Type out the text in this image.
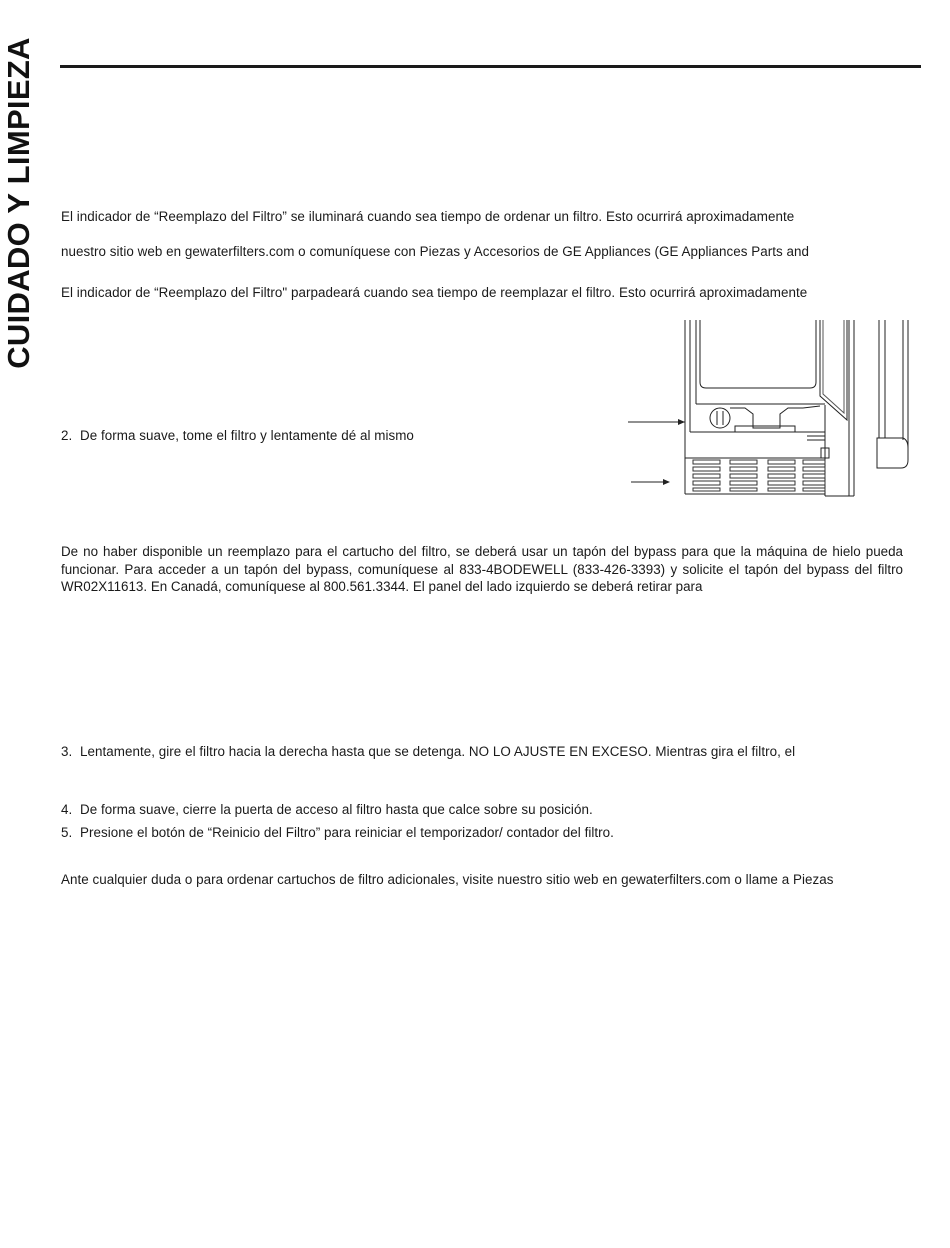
CUIDADO Y LIMPIEZA El indicador de “Reemplazo del Filtro” se iluminará cuando sea tiempo de ordenar un filtro. Esto ocurrirá aproximadamente
nuestro sitio web en gewaterfilters.com o comuníquese con Piezas y Accesorios de GE Appliances (GE Appliances Parts and
El indicador de “Reemplazo del Filtro" parpadeará cuando sea tiempo de reemplazar el filtro. Esto ocurrirá aproximadamente
2. De forma suave, tome el filtro y lentamente dé al mismo
De no haber disponible un reemplazo para el cartucho del filtro, se deberá usar un tapón del bypass para que la máquina de hielo pueda funcionar. Para acceder a un tapón del bypass, comuníquese al 833-4BODEWELL (833-426-3393) y solicite el tapón del bypass del filtro WR02X11613. En Canadá, comuníquese al 800.561.3344. El panel del lado izquierdo se deberá retirar para
3. Lentamente, gire el filtro hacia la derecha hasta que se detenga. NO LO AJUSTE EN EXCESO. Mientras gira el filtro, el
4. De forma suave, cierre la puerta de acceso al filtro hasta que calce sobre su posición.
5. Presione el botón de “Reinicio del Filtro” para reiniciar el temporizador/ contador del filtro.
Ante cualquier duda o para ordenar cartuchos de filtro adicionales, visite nuestro sitio web en gewaterfilters.com o llame a Piezas
